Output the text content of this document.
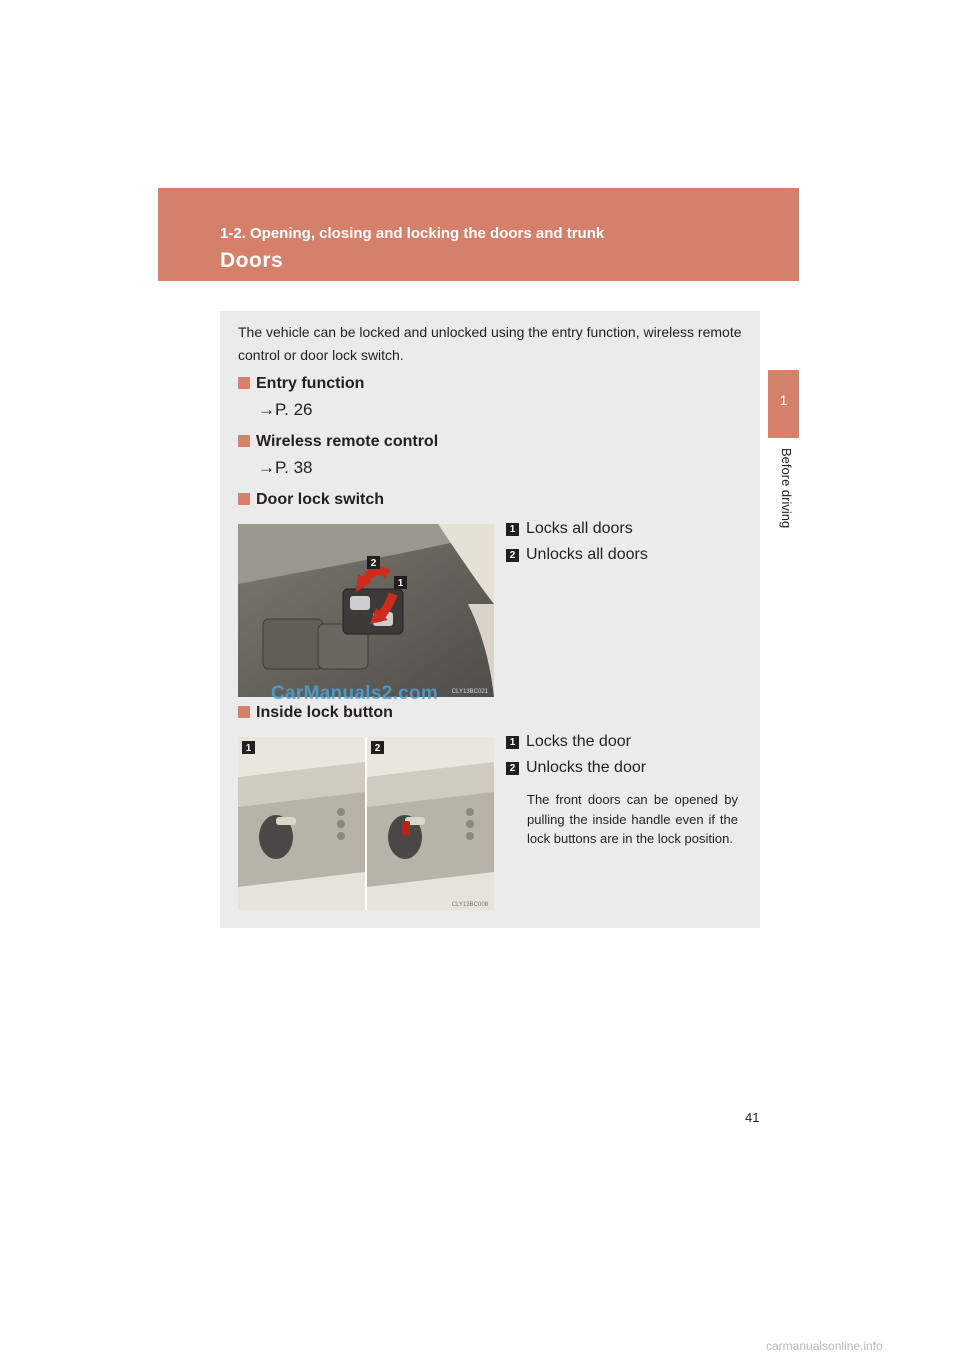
1-2. Opening, closing and locking the doors and trunk
Doors
1
Before driving
The vehicle can be locked and unlocked using the entry function, wireless remote control or door lock switch.
Entry function
→P. 26
Wireless remote control
→P. 38
Door lock switch
2
1
CLY13BC021
1 Locks all doors
2 Unlocks all doors
Inside lock button
1	2
CLY13BC008
1 Locks the door
2 Unlocks the door
The front doors can be opened by pulling the inside handle even if the lock buttons are in the lock position.
CarManuals2.com
41
carmanualsonline.info
